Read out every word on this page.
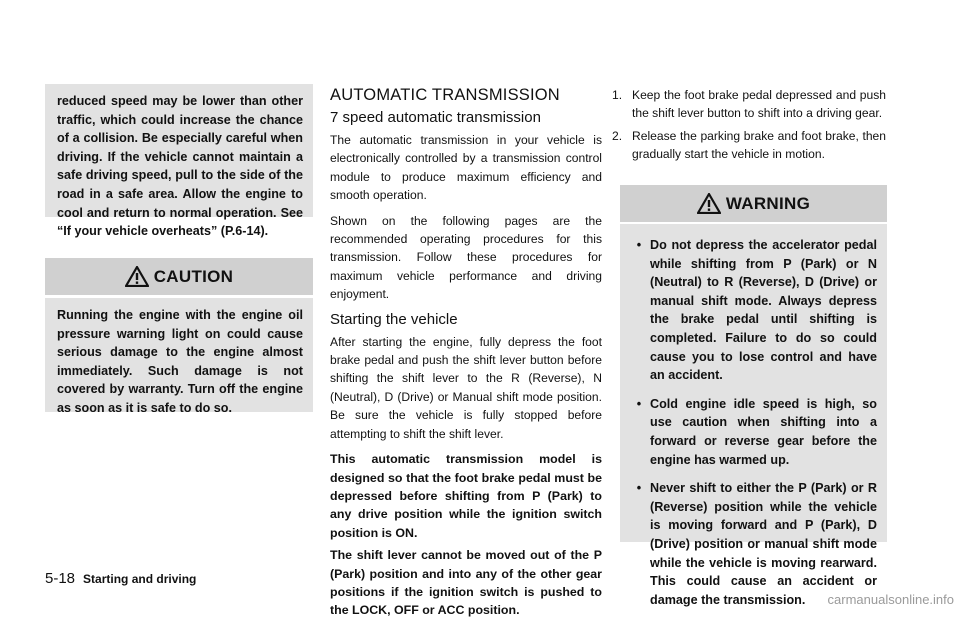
reduced speed may be lower than other traffic, which could increase the chance of a collision. Be especially careful when driving. If the vehicle cannot maintain a safe driving speed, pull to the side of the road in a safe area. Allow the engine to cool and return to normal operation. See “If your vehicle overheats” (P.6-14).

CAUTION

Running the engine with the engine oil pressure warning light on could cause serious damage to the engine almost immediately. Such damage is not covered by warranty. Turn off the engine as soon as it is safe to do so.

AUTOMATIC TRANSMISSION
7 speed automatic transmission

The automatic transmission in your vehicle is electronically controlled by a transmission control module to produce maximum efficiency and smooth operation.

Shown on the following pages are the recommended operating procedures for this transmission. Follow these procedures for maximum vehicle performance and driving enjoyment.

Starting the vehicle

After starting the engine, fully depress the foot brake pedal and push the shift lever button before shifting the shift lever to the R (Reverse), N (Neutral), D (Drive) or Manual shift mode position. Be sure the vehicle is fully stopped before attempting to shift the shift lever.

This automatic transmission model is designed so that the foot brake pedal must be depressed before shifting from P (Park) to any drive position while the ignition switch position is ON.

The shift lever cannot be moved out of the P (Park) position and into any of the other gear positions if the ignition switch is pushed to the LOCK, OFF or ACC position.

1. Keep the foot brake pedal depressed and push the shift lever button to shift into a driving gear.
2. Release the parking brake and foot brake, then gradually start the vehicle in motion.
WARNING
• Do not depress the accelerator pedal while shifting from P (Park) or N (Neutral) to R (Reverse), D (Drive) or manual shift mode. Always depress the brake pedal until shifting is completed. Failure to do so could cause you to lose control and have an accident.
• Cold engine idle speed is high, so use caution when shifting into a forward or reverse gear before the engine has warmed up.
• Never shift to either the P (Park) or R (Reverse) position while the vehicle is moving forward and P (Park), D (Drive) position or manual shift mode while the vehicle is moving rearward. This could cause an accident or damage the transmission.
5-18 Starting and driving
carmanualsonline.info
